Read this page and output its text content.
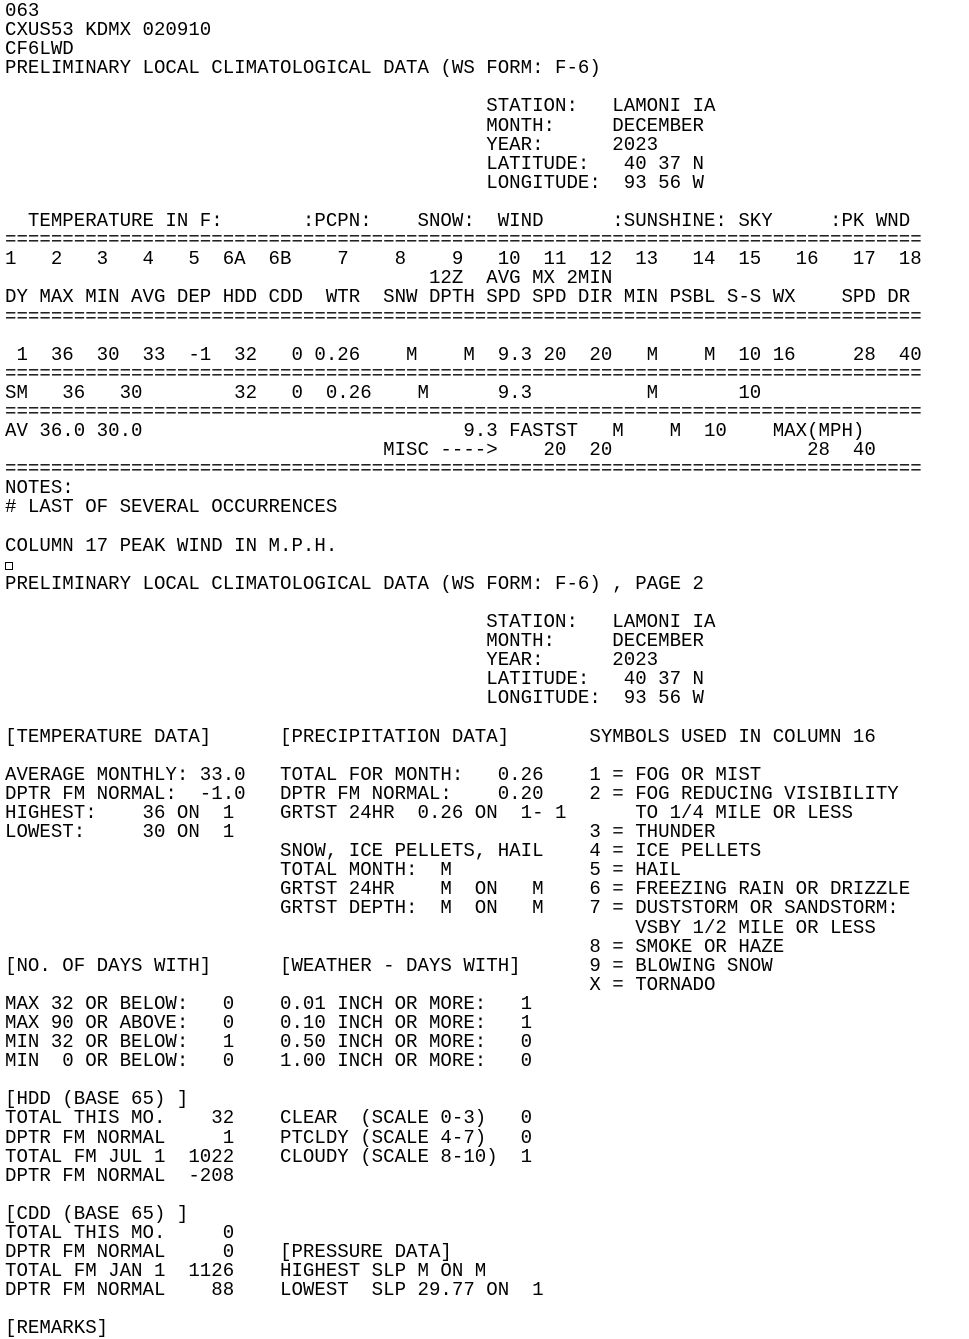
063
CXUS53 KDMX 020910
CF6LWD
PRELIMINARY LOCAL CLIMATOLOGICAL DATA (WS FORM: F-6)
STATION:   LAMONI IA
MONTH:     DECEMBER
YEAR:      2023
LATITUDE:   40 37 N
LONGITUDE:  93 56 W
TEMPERATURE IN F:       :PCPN:    SNOW:  WIND      :SUNSHINE: SKY     :PK WND
================================================================================
1   2   3   4   5  6A  6B    7    8    9   10  11  12  13   14  15   16   17  18
12Z  AVG MX 2MIN
DY MAX MIN AVG DEP HDD CDD  WTR  SNW DPTH SPD SPD DIR MIN PSBL S-S WX    SPD DR
================================================================================
1  36  30  33  -1  32   0 0.26    M    M  9.3 20  20   M    M  10 16     28  40
================================================================================
SM   36   30        32   0  0.26    M      9.3          M       10
================================================================================
AV 36.0 30.0                            9.3 FASTST   M    M  10    MAX(MPH)
MISC ---->    20  20                 28  40
================================================================================
NOTES:
# LAST OF SEVERAL OCCURRENCES
COLUMN 17 PEAK WIND IN M.P.H.
PRELIMINARY LOCAL CLIMATOLOGICAL DATA (WS FORM: F-6) , PAGE 2
STATION:   LAMONI IA
MONTH:     DECEMBER
YEAR:      2023
LATITUDE:   40 37 N
LONGITUDE:  93 56 W
[TEMPERATURE DATA]      [PRECIPITATION DATA]       SYMBOLS USED IN COLUMN 16
AVERAGE MONTHLY: 33.0   TOTAL FOR MONTH:   0.26    1 = FOG OR MIST
DPTR FM NORMAL:  -1.0   DPTR FM NORMAL:    0.20    2 = FOG REDUCING VISIBILITY
HIGHEST:    36 ON  1    GRTST 24HR  0.26 ON  1- 1      TO 1/4 MILE OR LESS
LOWEST:     30 ON  1                               3 = THUNDER
SNOW, ICE PELLETS, HAIL    4 = ICE PELLETS
TOTAL MONTH:  M            5 = HAIL
GRTST 24HR    M  ON   M    6 = FREEZING RAIN OR DRIZZLE
GRTST DEPTH:  M  ON   M    7 = DUSTSTORM OR SANDSTORM:
VSBY 1/2 MILE OR LESS
8 = SMOKE OR HAZE
[NO. OF DAYS WITH]      [WEATHER - DAYS WITH]      9 = BLOWING SNOW
X = TORNADO
MAX 32 OR BELOW:   0    0.01 INCH OR MORE:   1
MAX 90 OR ABOVE:   0    0.10 INCH OR MORE:   1
MIN 32 OR BELOW:   1    0.50 INCH OR MORE:   0
MIN  0 OR BELOW:   0    1.00 INCH OR MORE:   0
[HDD (BASE 65) ]
TOTAL THIS MO.    32    CLEAR  (SCALE 0-3)   0
DPTR FM NORMAL     1    PTCLDY (SCALE 4-7)   0
TOTAL FM JUL 1  1022    CLOUDY (SCALE 8-10)  1
DPTR FM NORMAL  -208
[CDD (BASE 65) ]
TOTAL THIS MO.     0
DPTR FM NORMAL     0    [PRESSURE DATA]
TOTAL FM JAN 1  1126    HIGHEST SLP M ON M
DPTR FM NORMAL    88    LOWEST  SLP 29.77 ON  1
[REMARKS]
